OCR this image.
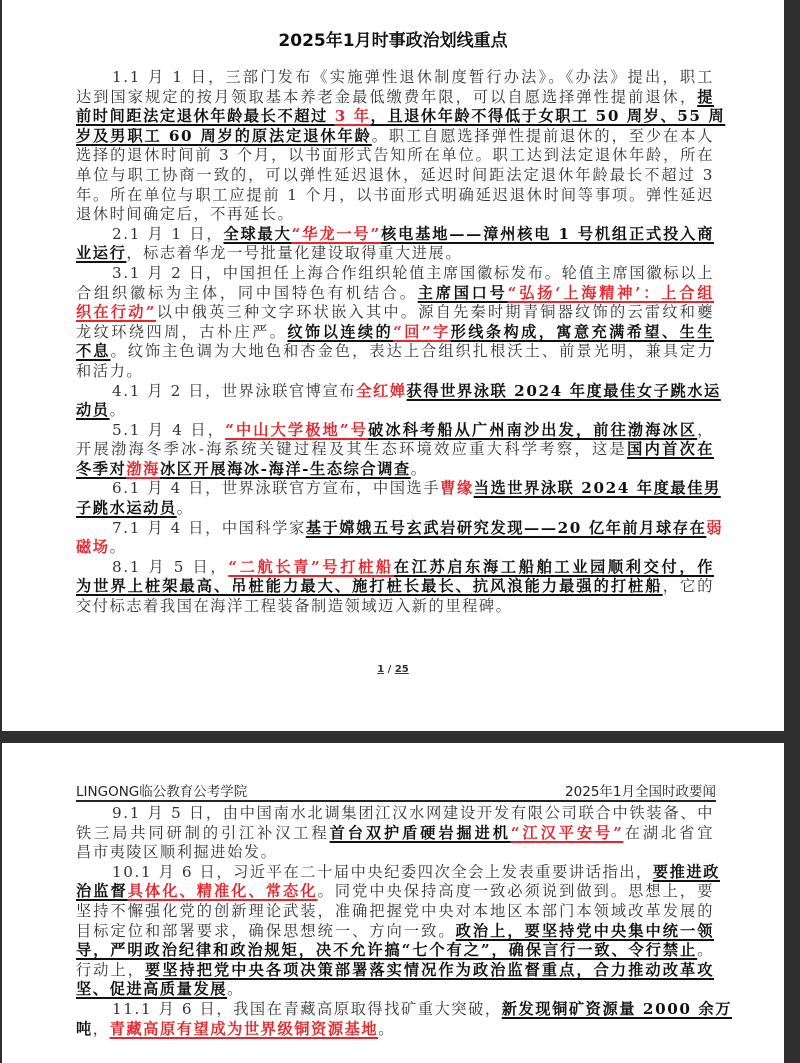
2025年1月时事政治划线重点
1.1 月 1 日，三部门发布《实施弹性退休制度暂行办法》。《办法》提出，职工
达到国家规定的按月领取基本养老金最低缴费年限，可以自愿选择弹性提前退休，提
前时间距法定退休年龄最长不超过 3 年，且退休年龄不得低于女职工 50 周岁、55 周
岁及男职工 60 周岁的原法定退休年龄。职工自愿选择弹性提前退休的，至少在本人
选择的退休时间前 3 个月，以书面形式告知所在单位。职工达到法定退休年龄，所在
单位与职工协商一致的，可以弹性延迟退休，延迟时间距法定退休年龄最长不超过 3
年。所在单位与职工应提前 1 个月，以书面形式明确延迟退休时间等事项。弹性延迟
退休时间确定后，不再延长。
2.1 月 1 日，全球最大“华龙一号”核电基地——漳州核电 1 号机组正式投入商
业运行，标志着华龙一号批量化建设取得重大进展。
3.1 月 2 日，中国担任上海合作组织轮值主席国徽标发布。轮值主席国徽标以上
合组织徽标为主体，同中国特色有机结合。主席国口号“弘扬‘上海精神’：上合组
织在行动”以中俄英三种文字环状嵌入其中。源自先秦时期青铜器纹饰的云雷纹和夔
龙纹环绕四周，古朴庄严。纹饰以连续的“回”字形线条构成，寓意充满希望、生生
不息。纹饰主色调为大地色和杏金色，表达上合组织扎根沃土、前景光明，兼具定力
和活力。
4.1 月 2 日，世界泳联官博宣布全红婵获得世界泳联 2024 年度最佳女子跳水运
动员。
5.1 月 4 日，“中山大学极地”号破冰科考船从广州南沙出发，前往渤海冰区，
开展渤海冬季冰-海系统关键过程及其生态环境效应重大科学考察，这是国内首次在
冬季对渤海冰区开展海冰-海洋-生态综合调查。
6.1 月 4 日，世界泳联官方宣布，中国选手曹缘当选世界泳联 2024 年度最佳男
子跳水运动员。
7.1 月 4 日，中国科学家基于嫦娥五号玄武岩研究发现——20 亿年前月球存在弱
磁场。
8.1 月 5 日，“二航长青”号打桩船在江苏启东海工船舶工业园顺利交付，作
为世界上桩架最高、吊桩能力最大、施打桩长最长、抗风浪能力最强的打桩船，它的
交付标志着我国在海洋工程装备制造领域迈入新的里程碑。
1 / 25
LINGONG临公教育公考学院	2025年1月全国时政要闻
9.1 月 5 日，由中国南水北调集团江汉水网建设开发有限公司联合中铁装备、中
铁三局共同研制的引江补汉工程首台双护盾硬岩掘进机“江汉平安号”在湖北省宜
昌市夷陵区顺利掘进始发。
10.1 月 6 日，习近平在二十届中央纪委四次全会上发表重要讲话指出，要推进政
治监督具体化、精准化、常态化。同党中央保持高度一致必须说到做到。思想上，要
坚持不懈强化党的创新理论武装，准确把握党中央对本地区本部门本领域改革发展的
目标定位和部署要求，确保思想统一、方向一致。政治上，要坚持党中央集中统一领
导，严明政治纪律和政治规矩，决不允许搞“七个有之”，确保言行一致、令行禁止。
行动上，要坚持把党中央各项决策部署落实情况作为政治监督重点，合力推动改革攻
坚、促进高质量发展。
11.1 月 6 日，我国在青藏高原取得找矿重大突破，新发现铜矿资源量 2000 余万
吨，青藏高原有望成为世界级铜资源基地。
